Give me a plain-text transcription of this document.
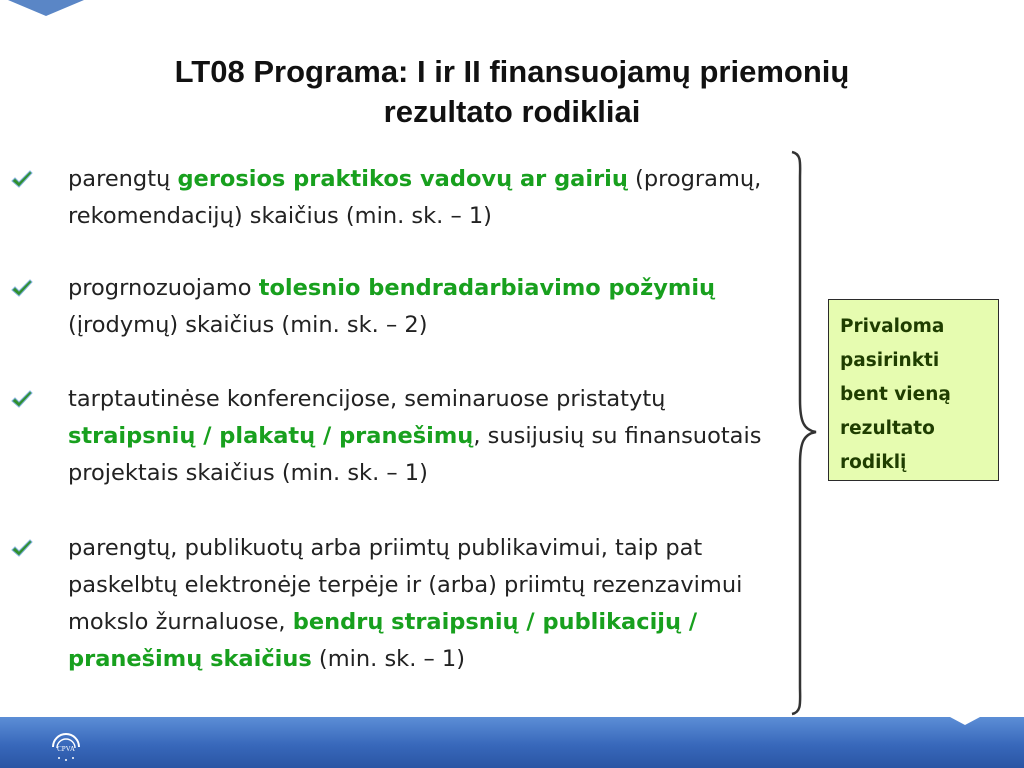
LT08 Programa: I ir II finansuojamų priemonių
rezultato rodikliai
parengtų gerosios praktikos vadovų ar gairių (programų, rekomendacijų) skaičius (min. sk. – 1)
progrnozuojamo tolesnio bendradarbiavimo požymių (įrodymų) skaičius (min. sk. – 2)
tarptautinėse konferencijose, seminaruose pristatytų straipsnių / plakatų / pranešimų, susijusių su finansuotais projektais skaičius (min. sk. – 1)
parengtų, publikuotų arba priimtų publikavimui, taip pat paskelbtų elektronėje terpėje ir (arba) priimtų rezenzavimui mokslo žurnaluose, bendrų straipsnių / publikacijų / pranešimų skaičius (min. sk. – 1)
Privaloma
pasirinkti
bent vieną
rezultato
rodiklį
CPVA
